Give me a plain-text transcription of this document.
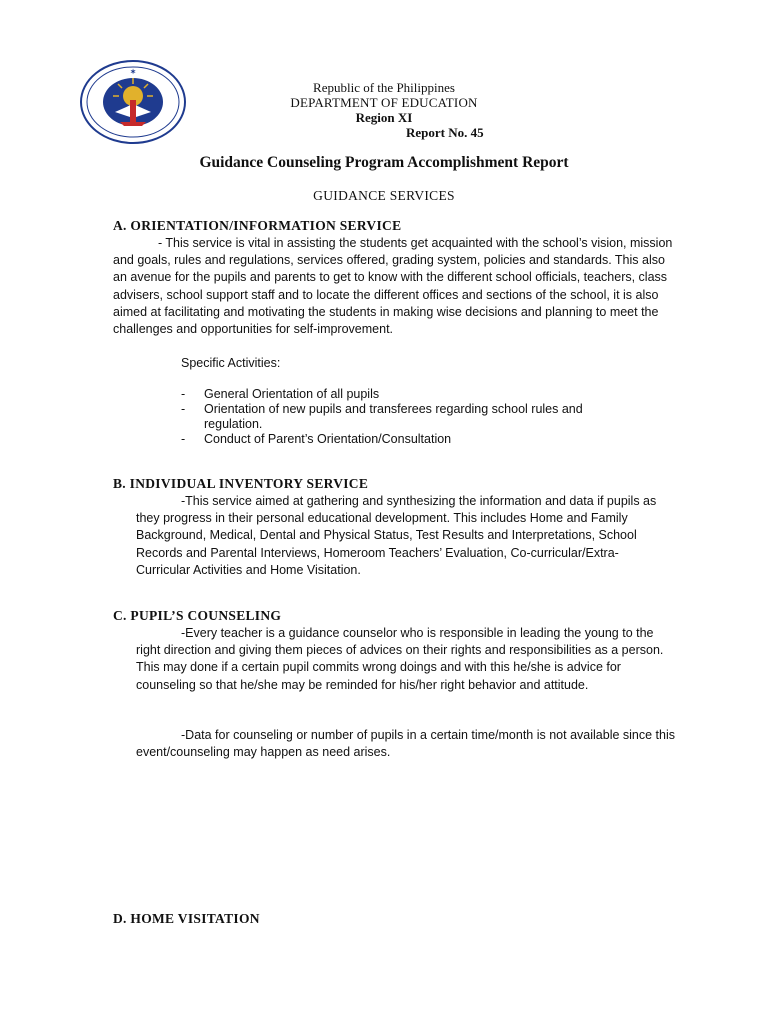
✶
Republic of the Philippines
DEPARTMENT OF EDUCATION
Region XI
Report No. 45
Guidance Counseling Program Accomplishment Report
GUIDANCE SERVICES
A. ORIENTATION/INFORMATION SERVICE
- This service is vital in assisting the students get acquainted with the school’s vision, mission and goals, rules and regulations, services offered, grading system, policies and standards. This also an avenue for the pupils and parents to get to know with the different school officials, teachers, class advisers, school support staff and to locate the different offices and sections of the school, it is also aimed at facilitating and motivating the students in making wise decisions and planning to meet the challenges and opportunities for self-improvement.
Specific Activities:
- General Orientation of all pupils
- Orientation of new pupils and transferees regarding school rules and regulation.
- Conduct of Parent’s Orientation/Consultation
B. INDIVIDUAL INVENTORY SERVICE
-This service aimed at gathering and synthesizing the information and data if pupils as they progress in their personal educational development. This includes Home and Family Background, Medical, Dental and Physical Status, Test Results and Interpretations, School Records and Parental Interviews, Homeroom Teachers’ Evaluation, Co-curricular/Extra- Curricular Activities and Home Visitation.
C. PUPIL’S COUNSELING
-Every teacher is a guidance counselor who is responsible in leading the young to the right direction and giving them pieces of advices on their rights and responsibilities as a person. This may done if a certain pupil commits wrong doings and with this he/she is advice for counseling so that he/she may be reminded for his/her right behavior and attitude.
-Data for counseling or number of pupils in a certain time/month is not available since this event/counseling may happen as need arises.
D. HOME VISITATION
